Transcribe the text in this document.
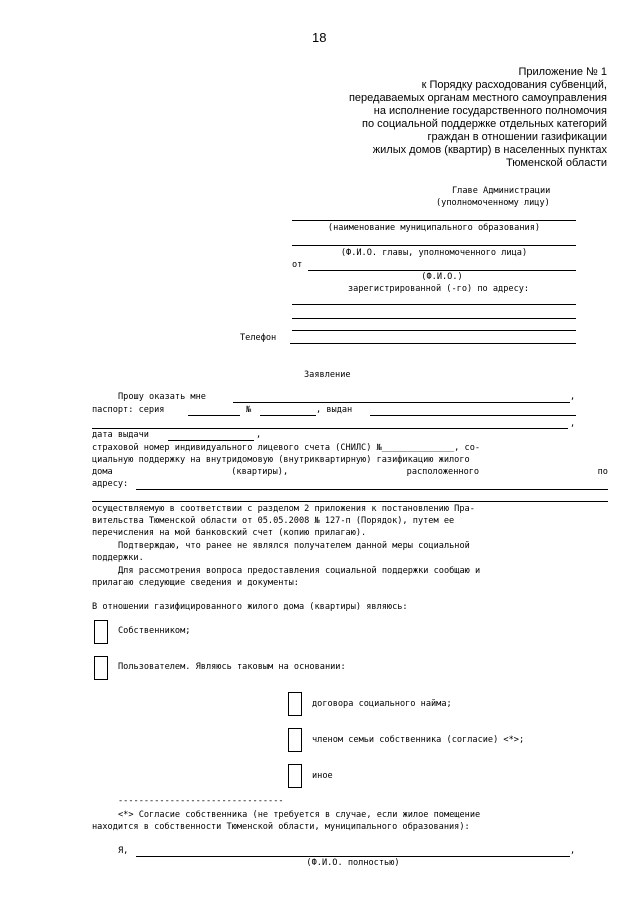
18
Приложение № 1
к Порядку расходования субвенций,
передаваемых органам местного самоуправления
на исполнение государственного полномочия
по социальной поддержке отдельных категорий
граждан в отношении газификации
жилых домов (квартир) в населенных пунктах
Тюменской области
Главе Администрации
(уполномоченному лицу)
(наименование муниципального образования)
(Ф.И.О. главы, уполномоченного лица)
от
(Ф.И.О.)
зарегистрированной (-го) по адресу:
Телефон
Заявление
Прошу оказать мне	,
паспорт: серия	№	, выдан
,
дата выдачи	,
страховой номер индивидуального лицевого счета (СНИЛС) №______________, со-
циальную поддержку на внутридомовую (внутриквартирную) газификацию жилого
дома	(квартиры),	расположенного	по
адресу:
осуществляемую в соответствии с разделом 2 приложения к постановлению Пра-
вительства Тюменской области от 05.05.2008 № 127-п (Порядок), путем ее
перечисления на мой банковский счет (копию прилагаю).
Подтверждаю, что ранее не являлся получателем данной меры социальной
поддержки.
Для рассмотрения вопроса предоставления социальной поддержки сообщаю и
прилагаю следующие сведения и документы:
В отношении газифицированного жилого дома (квартиры) являюсь:
Собственником;
Пользователем. Являюсь таковым на основании:
договора социального найма;
членом семьи собственника (согласие) <*>;
иное
--------------------------------
<*> Согласие собственника (не требуется в случае, если жилое помещение
находится в собственности Тюменской области, муниципального образования):
Я,	,
(Ф.И.О. полностью)
